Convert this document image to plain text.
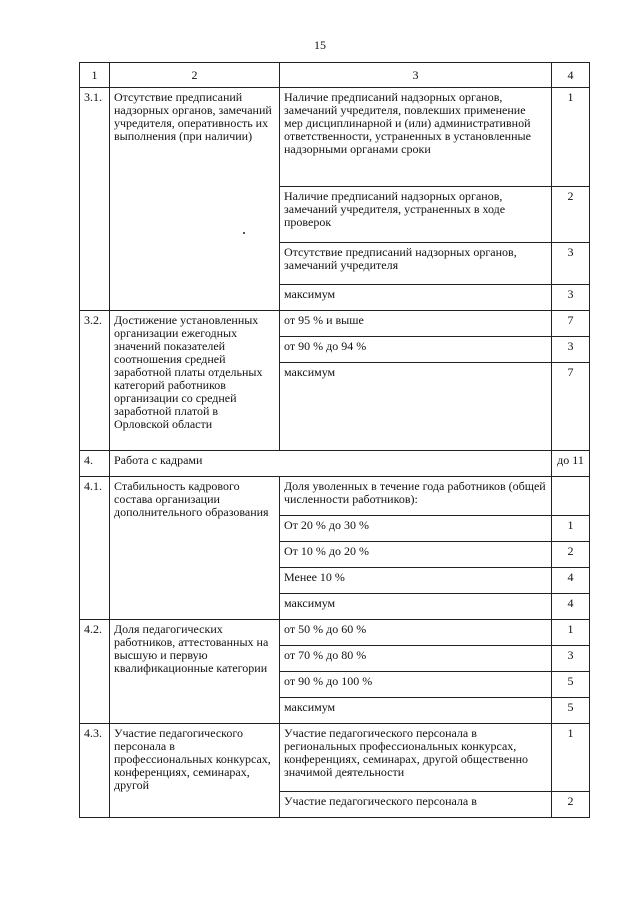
15
1	2	3	4
3.1.	Отсутствие предписаний надзорных органов, замечаний учредителя, оперативность их выполнения (при наличии)	Наличие предписаний надзорных органов, замечаний учредителя, повлекших применение мер дисциплинарной и (или) административной ответственности, устраненных в установленные надзорными органами сроки	1
		Наличие предписаний надзорных органов, замечаний учредителя, устраненных в ходе проверок	2
		Отсутствие предписаний надзорных органов, замечаний учредителя	3
		максимум	3
3.2.	Достижение установленных организации ежегодных значений показателей соотношения средней заработной платы отдельных категорий работников организации со средней заработной платой в Орловской области	от 95 % и выше	7
		от 90 % до 94 %	3
		максимум	7
4.	Работа с кадрами		до 11
4.1.	Стабильность кадрового состава организации дополнительного образования	Доля уволенных в течение года работников (общей численности работников):	
		От 20 % до 30 %	1
		От 10 % до 20 %	2
		Менее 10 %	4
		максимум	4
4.2.	Доля педагогических работников, аттестованных на высшую и первую квалификационные категории	от 50 % до 60 %	1
		от 70 % до 80 %	3
		от 90 % до 100 %	5
		максимум	5
4.3.	Участие педагогического персонала в профессиональных конкурсах, конференциях, семинарах, другой	Участие педагогического персонала в региональных профессиональных конкурсах, конференциях, семинарах, другой общественно значимой деятельности	1
		Участие педагогического персонала в	2
